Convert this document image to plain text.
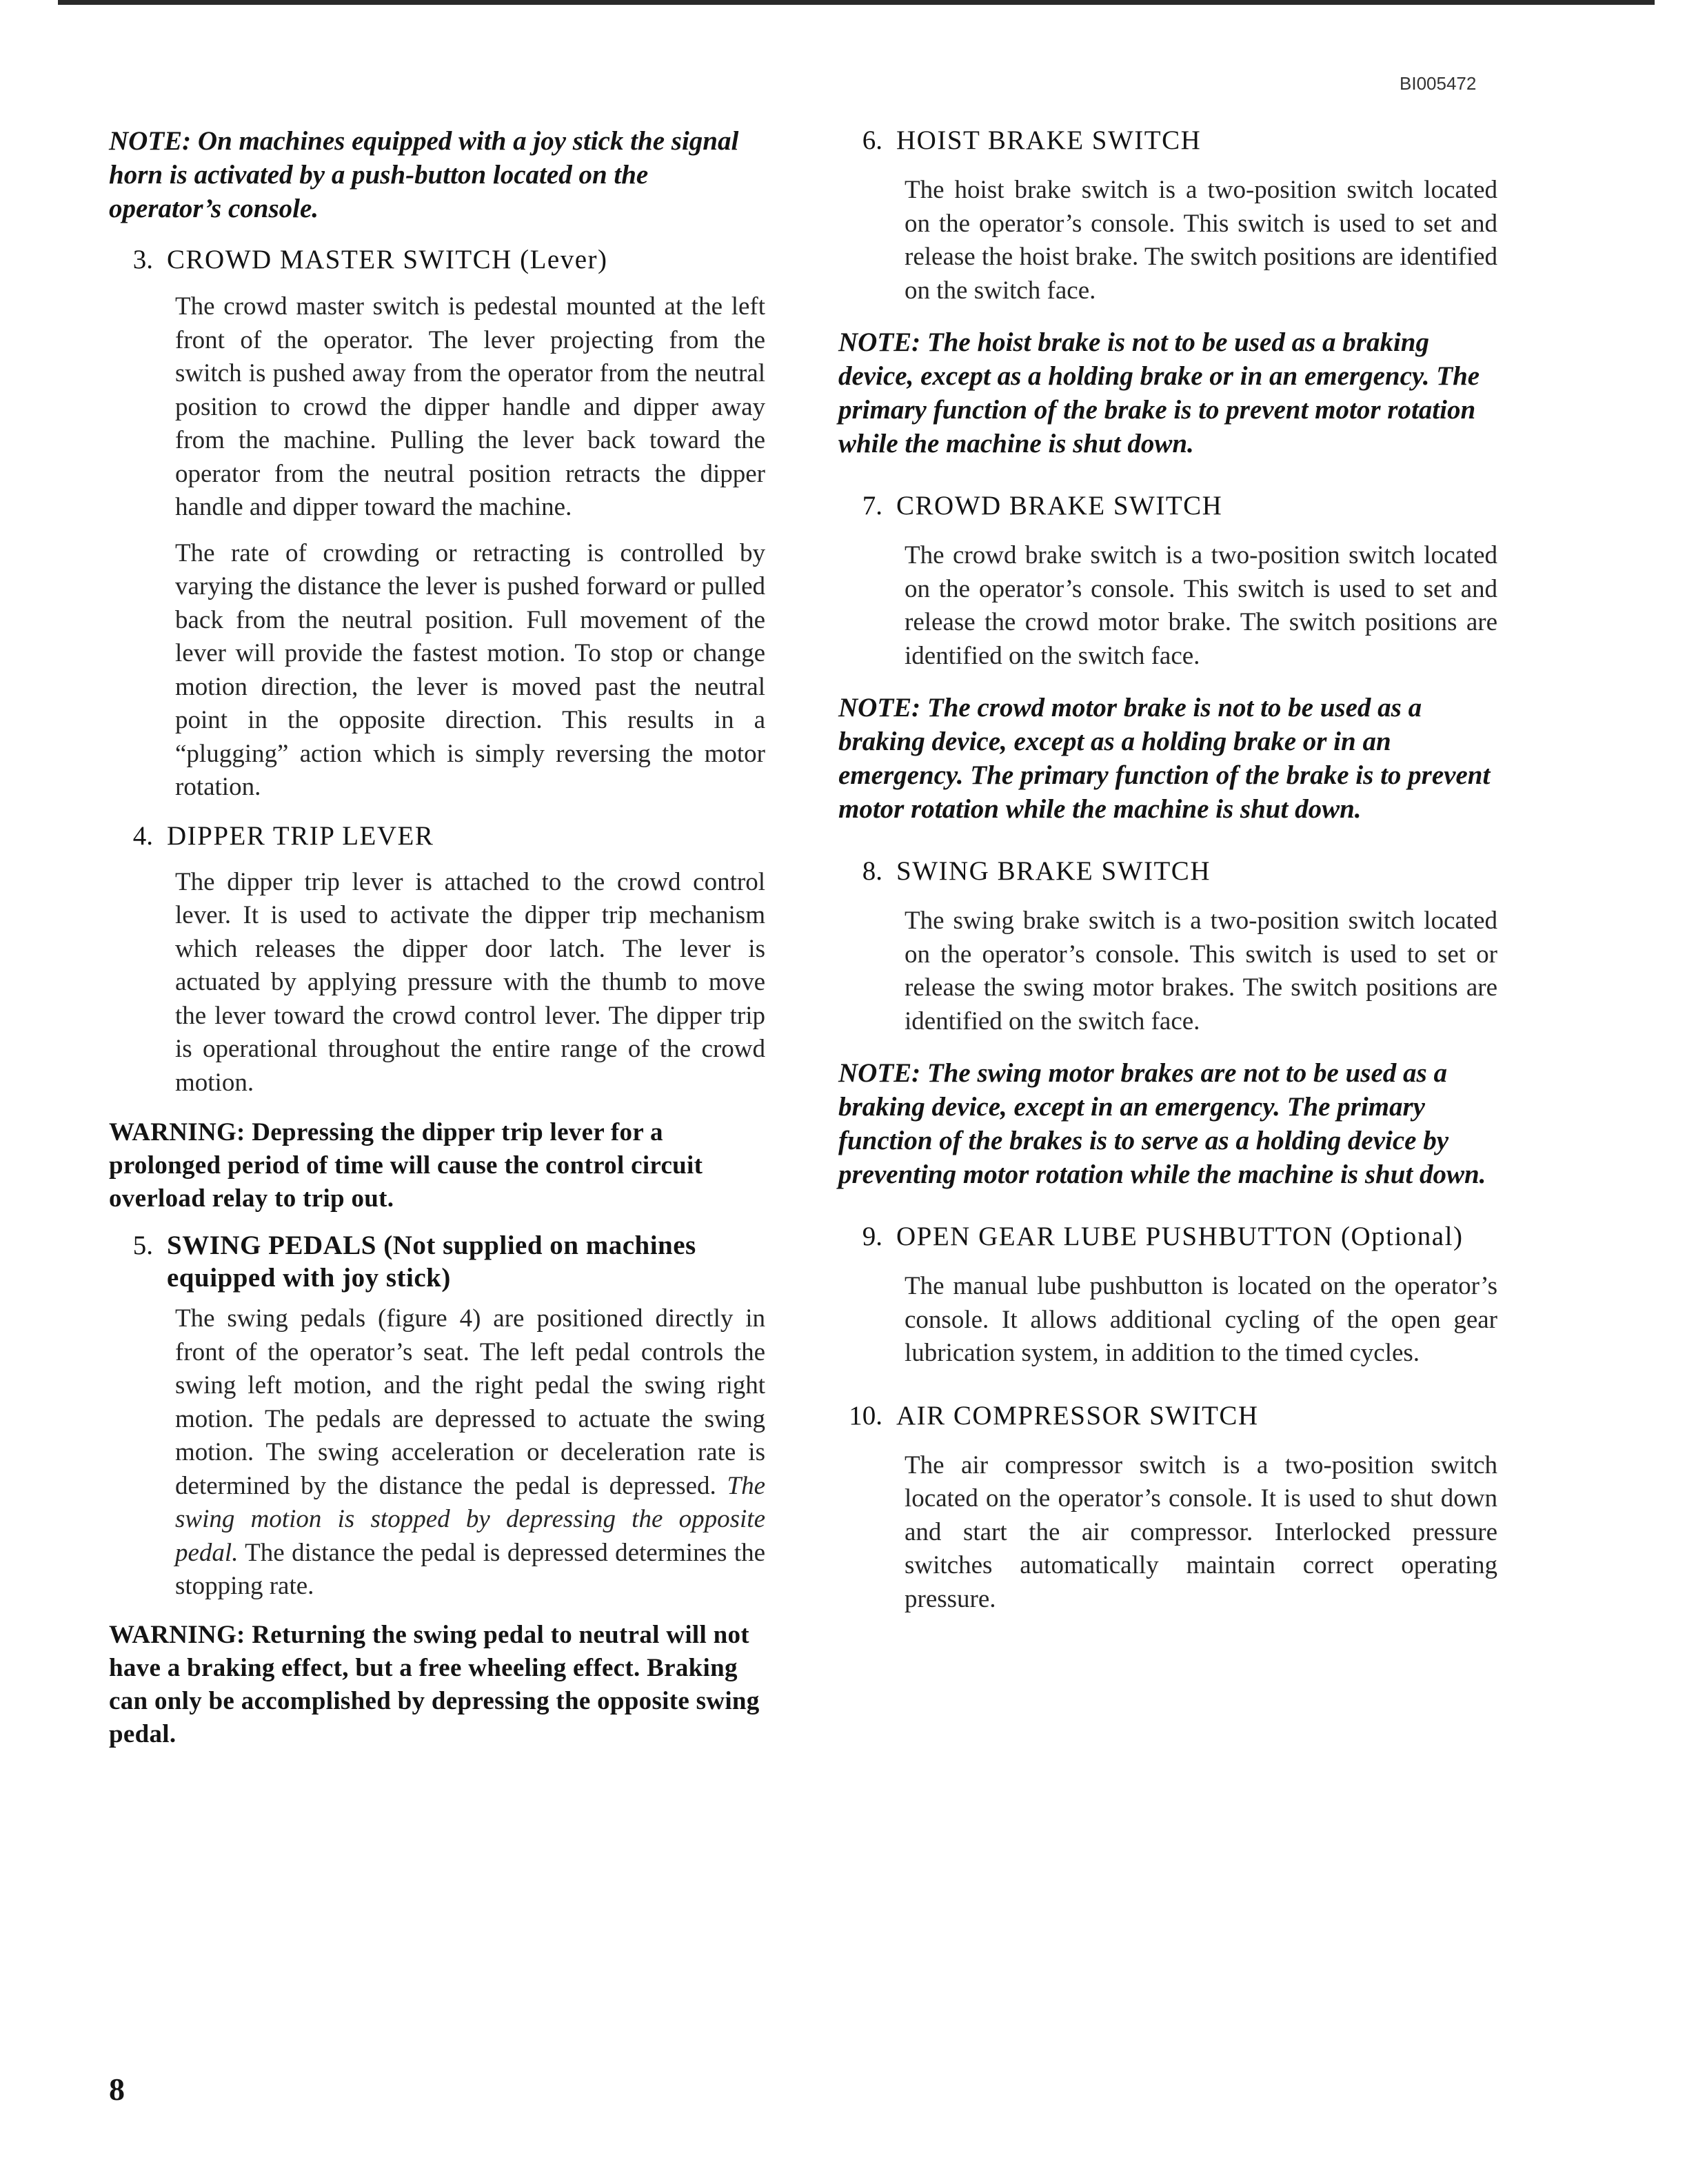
BI005472

NOTE: On machines equipped with a joy stick the signal horn is activated by a push-button located on the operator’s console.

3. CROWD MASTER SWITCH (Lever)

The crowd master switch is pedestal mounted at the left front of the operator. The lever projecting from the switch is pushed away from the operator from the neutral position to crowd the dipper handle and dipper away from the machine. Pulling the lever back toward the operator from the neutral position retracts the dipper handle and dipper toward the machine.

The rate of crowding or retracting is controlled by varying the distance the lever is pushed forward or pulled back from the neutral position. Full movement of the lever will provide the fastest motion. To stop or change motion direction, the lever is moved past the neutral point in the opposite direction. This results in a “plugging” action which is simply reversing the motor rotation.

4. DIPPER TRIP LEVER

The dipper trip lever is attached to the crowd control lever. It is used to activate the dipper trip mechanism which releases the dipper door latch. The lever is actuated by applying pressure with the thumb to move the lever toward the crowd control lever. The dipper trip is operational throughout the entire range of the crowd motion.

WARNING: Depressing the dipper trip lever for a prolonged period of time will cause the control circuit overload relay to trip out.

5. SWING PEDALS (Not supplied on machines equipped with joy stick)

The swing pedals (figure 4) are positioned directly in front of the operator’s seat. The left pedal controls the swing left motion, and the right pedal the swing right motion. The pedals are depressed to actuate the swing motion. The swing acceleration or deceleration rate is determined by the distance the pedal is depressed. The swing motion is stopped by depressing the opposite pedal. The distance the pedal is depressed determines the stopping rate.

WARNING: Returning the swing pedal to neutral will not have a braking effect, but a free wheeling effect. Braking can only be accomplished by depressing the opposite swing pedal.

6. HOIST BRAKE SWITCH

The hoist brake switch is a two-position switch located on the operator’s console. This switch is used to set and release the hoist brake. The switch positions are identified on the switch face.

NOTE: The hoist brake is not to be used as a braking device, except as a holding brake or in an emergency. The primary function of the brake is to prevent motor rotation while the machine is shut down.

7. CROWD BRAKE SWITCH

The crowd brake switch is a two-position switch located on the operator’s console. This switch is used to set and release the crowd motor brake. The switch positions are identified on the switch face.

NOTE: The crowd motor brake is not to be used as a braking device, except as a holding brake or in an emergency. The primary function of the brake is to prevent motor rotation while the machine is shut down.

8. SWING BRAKE SWITCH

The swing brake switch is a two-position switch located on the operator’s console. This switch is used to set or release the swing motor brakes. The switch positions are identified on the switch face.

NOTE: The swing motor brakes are not to be used as a braking device, except in an emergency. The primary function of the brakes is to serve as a holding device by preventing motor rotation while the machine is shut down.

9. OPEN GEAR LUBE PUSHBUTTON (Optional)

The manual lube pushbutton is located on the operator’s console. It allows additional cycling of the open gear lubrication system, in addition to the timed cycles.

10. AIR COMPRESSOR SWITCH

The air compressor switch is a two-position switch located on the operator’s console. It is used to shut down and start the air compressor. Interlocked pressure switches automatically maintain correct operating pressure.

8
